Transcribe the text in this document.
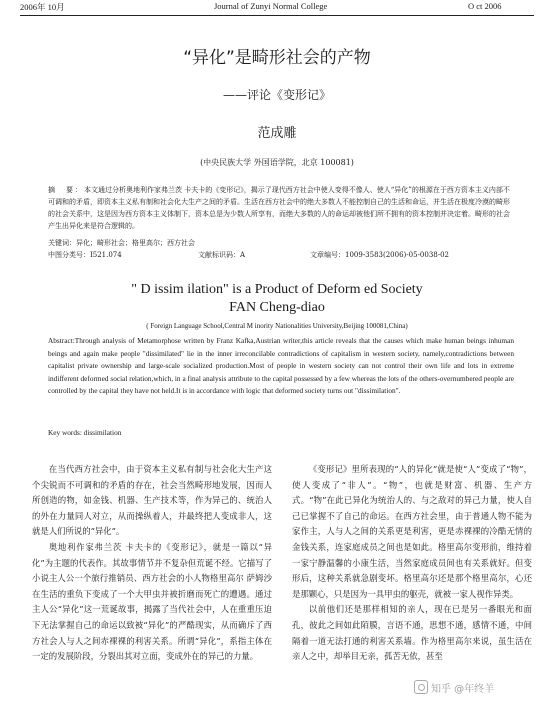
2006年 10月	Journal of Zunyi Normal College	O ct 2006
“异化”是畸形社会的产物
——评论《变形记》
范成雕
(中央民族大学 外国语学院，北京 100081)
摘　要：本文通过分析奥地利作家弗兰茨 卡夫卡的《变形记》，揭示了现代西方社会中使人变得不像人、使人“异化”的根源在于西方资本主义内部不可调和的矛盾，即资本主义私有制和社会化大生产之间的矛盾。生活在西方社会中的绝大多数人不能控制自己的生活和命运，并生活在极度冷漠的畸形的社会关系中，这是因为西方资本主义体制下，资本总是为少数人所享有，而绝大多数的人的命运却被他们所不拥有的资本控制并决定着。畸形的社会产生出异化来是符合逻辑的。
关键词：异化；畸形社会；格里高尔；西方社会
中图分类号：I521.074	文献标识码：A	文章编号：1009-3583(2006)-05-0038-02
" D issim ilation" is a Product of Deform ed Society
FAN Cheng-diao
( Foreign Language School,Central M inority Nationalities University,Beijing 100081,China)
Abstract:Through analysis of Metamorphose written by Franz Kafka,Austrian writer,this article reveals that the causes which make human beings inhuman beings and again make people "dissimilated" lie in the inner irreconcilable contradictions of capitalism in western society, namely,contradictions between capitalist private ownership and large-scale socialized production.Most of people in western society can not control their own life and lots in extreme indifferent deformed social relation,which, in a final analysis attribute to the capital possessed by a few whereas the lots of the others-overnumbered people are controlled by the capital they have not held.It is in accordance with logic that deformed society turns out "dissimilation".
Key words: dissimilation

在当代西方社会中，由于资本主义私有制与社会化大生产这个尖锐而不可调和的矛盾的存在，社会当然畸形地发展，因而人所创造的物，如金钱、机器、生产技术等，作为异己的、统治人的外在力量同人对立，从而操纵着人，并最终把人变成非人，这就是人们所说的“异化”。

奥地利作家弗兰茨 卡夫卡的《变形记》，就是一篇以“异化”为主题的代表作。其故事情节并不复杂但荒诞不经。它描写了小说主人公一个旅行推销员、西方社会的小人物格里高尔 萨姆沙在生活的重负下变成了一个大甲虫并被折磨而死亡的遭遇。通过主人公“异化”这一荒诞故事，揭露了当代社会中，人在重重压迫下无法掌握自己的命运以致被“异化”的严酷现实，从而确斥了西方社会人与人之间赤裸裸的利害关系。所谓“异化”，系指主体在一定的发展阶段，分裂出其对立面，变成外在的异己的力量。

《变形记》里所表现的“人的异化”就是使“人”变成了“物”，使人变成了“非人”。“物”，也就是财富、机器、生产方式。“物”在此已异化为统治人的、与之敌对的异己力量，使人自己已掌握不了自己的命运。在西方社会里，由于普通人物不能为家作主，人与人之间的关系更是利害，更是赤裸裸的冷酷无情的金钱关系，连家庭成员之间也是如此。格里高尔变形前，维持着一家宁静温馨的小康生活，当然家庭成员间也有关系就好。但变形后，这种关系就急剧变坏。格里高尔还是那个格里高尔，心还是那颗心，只是因为一具甲虫的躯壳，就被一家人视作异类。

以前他们还是那样相知的亲人，现在已是另一番眼光和面孔，彼此之间如此陌膜，言语不通，思想不通，感情不通，中间隔着一道无法打通的利害关系墙。作为格里高尔来说，虽生活在亲人之中，却举目无亲，孤苦无依，甚至

知乎 @年终羊
